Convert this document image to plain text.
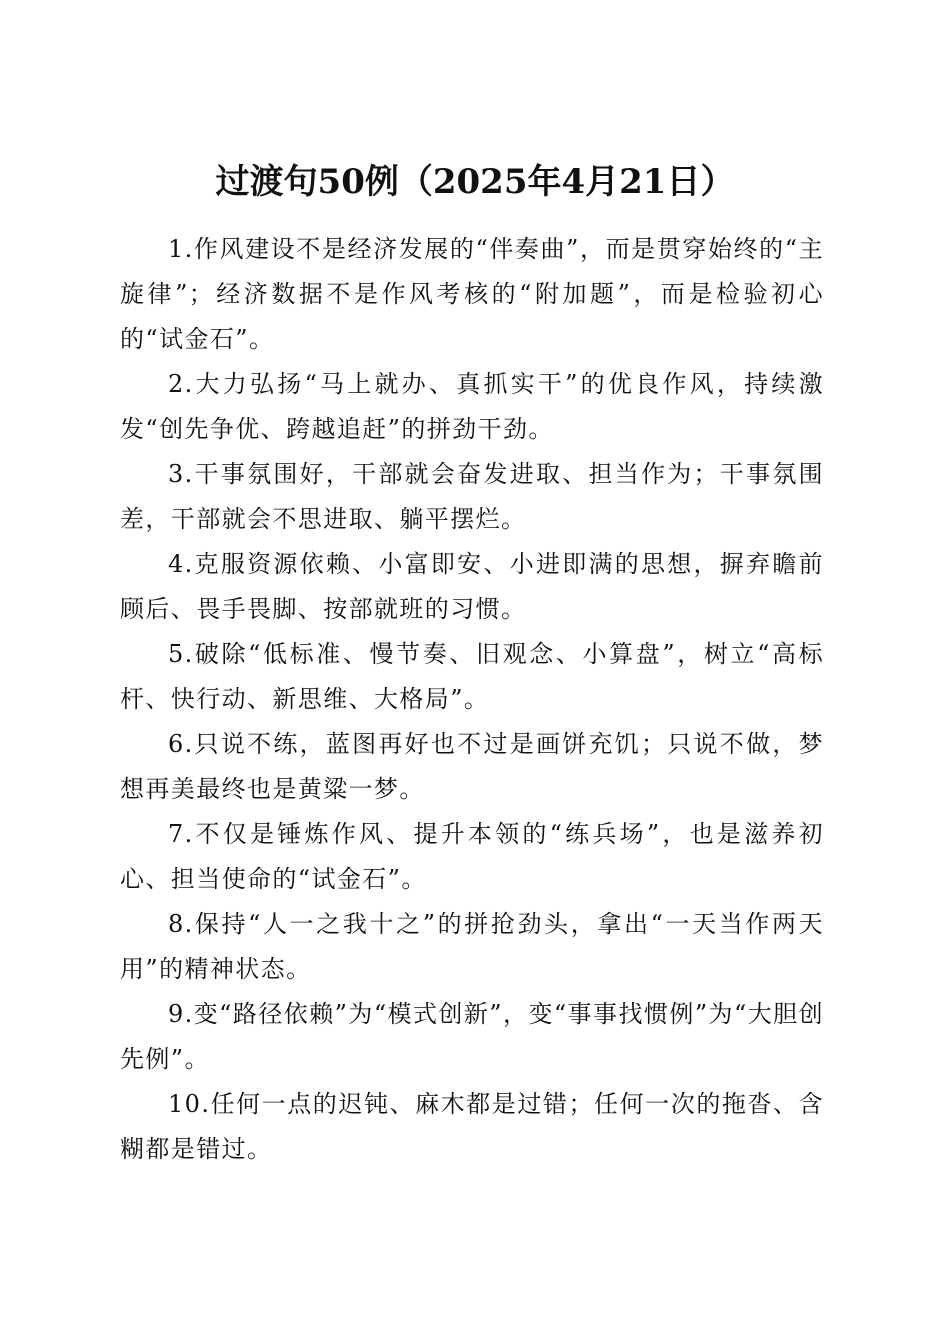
过渡句50例（2025年4月21日）

1.作风建设不是经济发展的“伴奏曲”，而是贯穿始终的“主旋律”；经济数据不是作风考核的“附加题”，而是检验初心的“试金石”。

2.大力弘扬“马上就办、真抓实干”的优良作风，持续激发“创先争优、跨越追赶”的拼劲干劲。

3.干事氛围好，干部就会奋发进取、担当作为；干事氛围差，干部就会不思进取、躺平摆烂。

4.克服资源依赖、小富即安、小进即满的思想，摒弃瞻前顾后、畏手畏脚、按部就班的习惯。

5.破除“低标准、慢节奏、旧观念、小算盘”，树立“高标杆、快行动、新思维、大格局”。

6.只说不练，蓝图再好也不过是画饼充饥；只说不做，梦想再美最终也是黄粱一梦。

7.不仅是锤炼作风、提升本领的“练兵场”，也是滋养初心、担当使命的“试金石”。

8.保持“人一之我十之”的拼抢劲头，拿出“一天当作两天用”的精神状态。

9.变“路径依赖”为“模式创新”，变“事事找惯例”为“大胆创先例”。

10.任何一点的迟钝、麻木都是过错；任何一次的拖沓、含糊都是错过。
